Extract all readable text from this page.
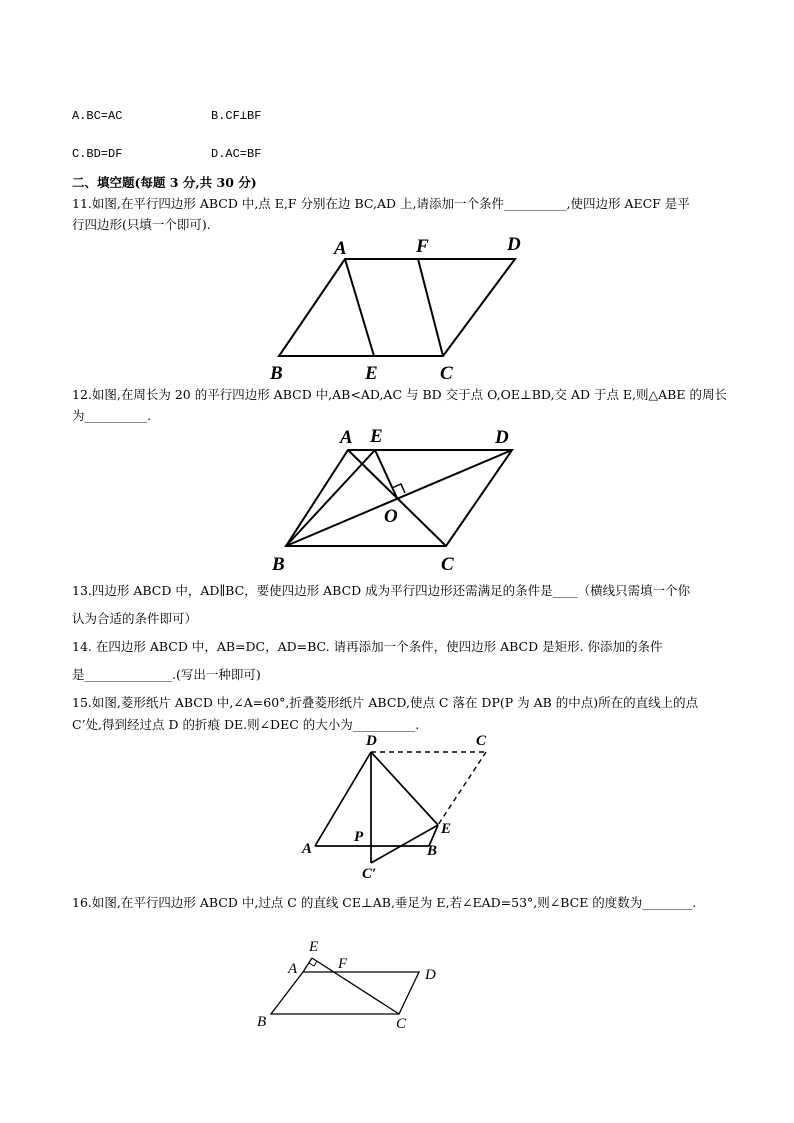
A.BC=AC	B.CF⊥BF
C.BD=DF	D.AC=BF
二、填空题(每题 3 分,共 30 分)
11.如图,在平行四边形 ABCD 中,点 E,F 分别在边 BC,AD 上,请添加一个条件__________,使四边形 AECF 是平
行四边形(只填一个即可).
A	F	D
B	E	C
12.如图,在周长为 20 的平行四边形 ABCD 中,AB<AD,AC 与 BD 交于点 O,OE⊥BD,交 AD 于点 E,则△ABE 的周长
为__________.
A E	D
O
B	C
13.四边形 ABCD 中，AD∥BC，要使四边形 ABCD 成为平行四边形还需满足的条件是____（横线只需填一个你
认为合适的条件即可）
14. 在四边形 ABCD 中，AB=DC，AD=BC. 请再添加一个条件，使四边形 ABCD 是矩形. 你添加的条件
是______________.(写出一种即可)
15.如图,菱形纸片 ABCD 中,∠A=60°,折叠菱形纸片 ABCD,使点 C 落在 DP(P 为 AB 的中点)所在的直线上的点
C’处,得到经过点 D 的折痕 DE.则∠DEC 的大小为__________.
D	C
E
P
A	B
C′
16.如图,在平行四边形 ABCD 中,过点 C 的直线 CE⊥AB,垂足为 E,若∠EAD=53°,则∠BCE 的度数为________.
E
A	F
D
B	C
